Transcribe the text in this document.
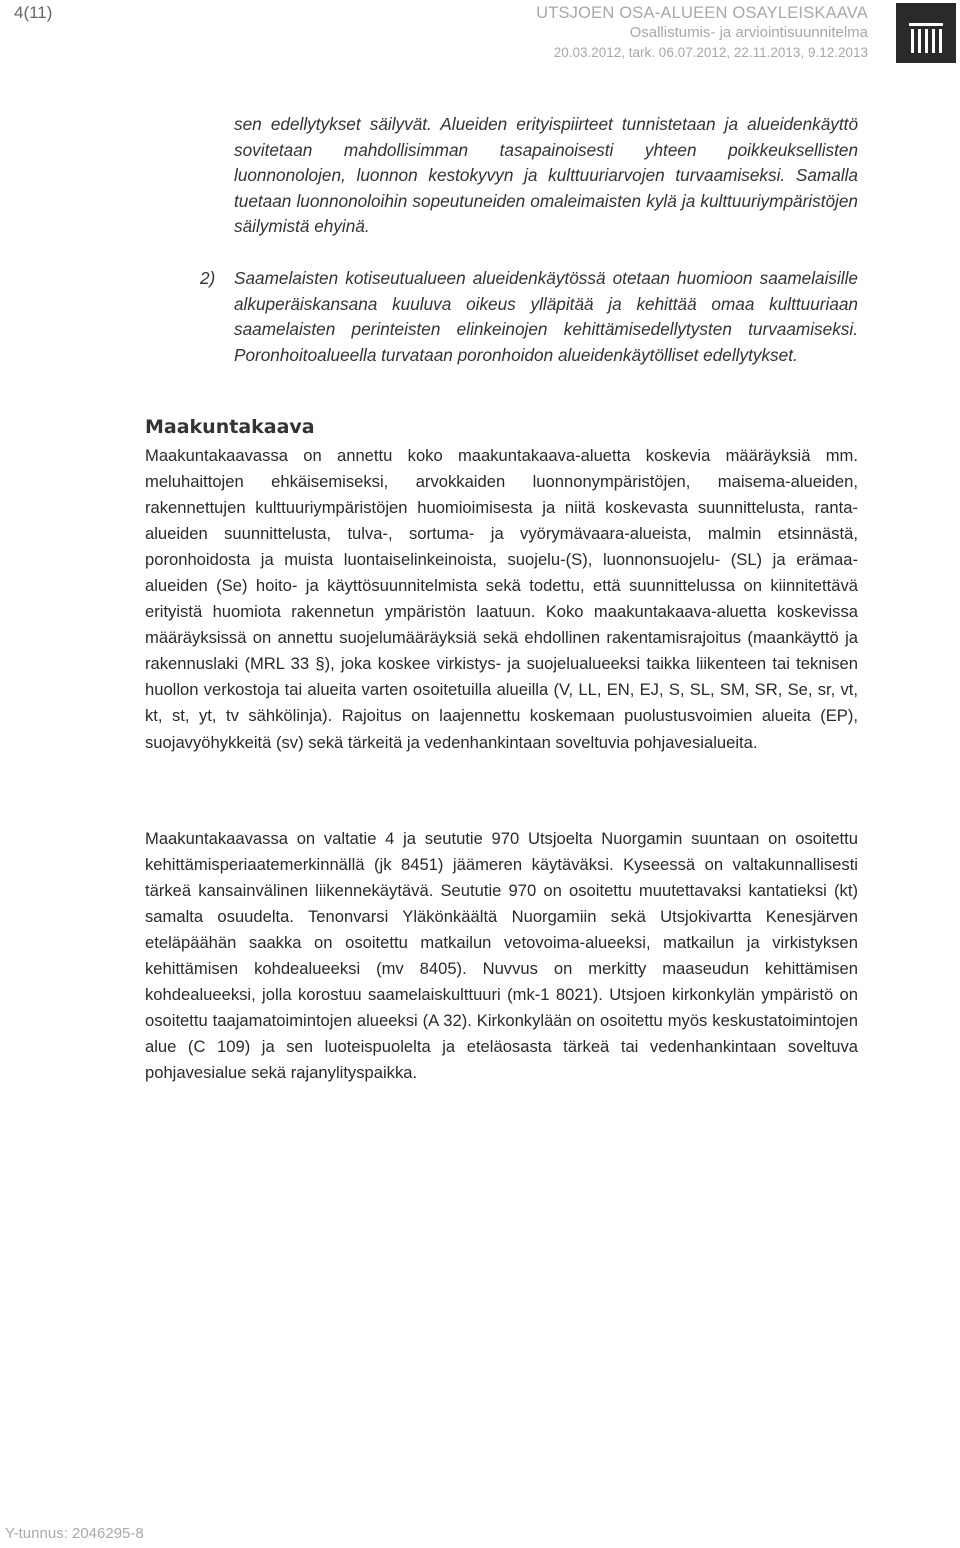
4(11)	UTSJOEN OSA-ALUEEN OSAYLEISKAAVA
Osallistumis- ja arviointisuunnitelma
20.03.2012, tark. 06.07.2012, 22.11.2013, 9.12.2013

sen edellytykset säilyvät. Alueiden erityispiirteet tunnistetaan ja alueidenkäyttö sovitetaan mahdollisimman tasapainoisesti yhteen poikkeuksellisten luonnonolojen, luonnon kestokyvyn ja kulttuuriarvojen turvaamiseksi. Samalla tuetaan luonnonoloihin sopeutuneiden omaleimaisten kylä ja kulttuuriympäristöjen säilymistä ehyinä.

2) Saamelaisten kotiseutualueen alueidenkäytössä otetaan huomioon saamelaisille alkuperäiskansana kuuluva oikeus ylläpitää ja kehittää omaa kulttuuriaan saamelaisten perinteisten elinkeinojen kehittämisedellytysten turvaamiseksi. Poronhoitoalueella turvataan poronhoidon alueidenkäytölliset edellytykset.
Maakuntakaava

Maakuntakaavassa on annettu koko maakuntakaava-aluetta koskevia määräyksiä mm. meluhaittojen ehkäisemiseksi, arvokkaiden luonnonympäristöjen, maisema-alueiden, rakennettujen kulttuuriympäristöjen huomioimisesta ja niitä koskevasta suunnittelusta, ranta-alueiden suunnittelusta, tulva-, sortuma- ja vyörymävaara-alueista, malmin etsinnästä, poronhoidosta ja muista luontaiselinkeinoista, suojelu-(S), luonnonsuojelu- (SL) ja erämaa-alueiden (Se) hoito- ja käyttösuunnitelmista sekä todettu, että suunnittelussa on kiinnitettävä erityistä huomiota rakennetun ympäristön laatuun. Koko maakuntakaava-aluetta koskevissa määräyksissä on annettu suojelumääräyksiä sekä ehdollinen rakentamisrajoitus (maankäyttö ja rakennuslaki (MRL 33 §), joka koskee virkistys- ja suojelualueeksi taikka liikenteen tai teknisen huollon verkostoja tai alueita varten osoitetuilla alueilla (V, LL, EN, EJ, S, SL, SM, SR, Se, sr, vt, kt, st, yt, tv sähkölinja). Rajoitus on laajennettu koskemaan puolustusvoimien alueita (EP), suojavyöhykkeitä (sv) sekä tärkeitä ja vedenhankintaan soveltuvia pohjavesialueita.

Maakuntakaavassa on valtatie 4 ja seututie 970 Utsjoelta Nuorgamin suuntaan on osoitettu kehittämisperiaatemerkinnällä (jk 8451) jäämeren käytäväksi. Kyseessä on valtakunnallisesti tärkeä kansainvälinen liikennekäytävä. Seututie 970 on osoitettu muutettavaksi kantatieksi (kt) samalta osuudelta. Tenonvarsi Yläkönkäältä Nuorgamiin sekä Utsjokivartta Kenesjärven eteläpäähän saakka on osoitettu matkailun vetovoima-alueeksi, matkailun ja virkistyksen kehittämisen kohdealueeksi (mv 8405). Nuvvus on merkitty maaseudun kehittämisen kohdealueeksi, jolla korostuu saamelaiskulttuuri (mk-1 8021). Utsjoen kirkonkylän ympäristö on osoitettu taajamatoimintojen alueeksi (A 32). Kirkonkylään on osoitettu myös keskustatoimintojen alue (C 109) ja sen luoteispuolelta ja eteläosasta tärkeä tai vedenhankintaan soveltuva pohjavesialue sekä rajanylityspaikka.

Y-tunnus: 2046295-8
